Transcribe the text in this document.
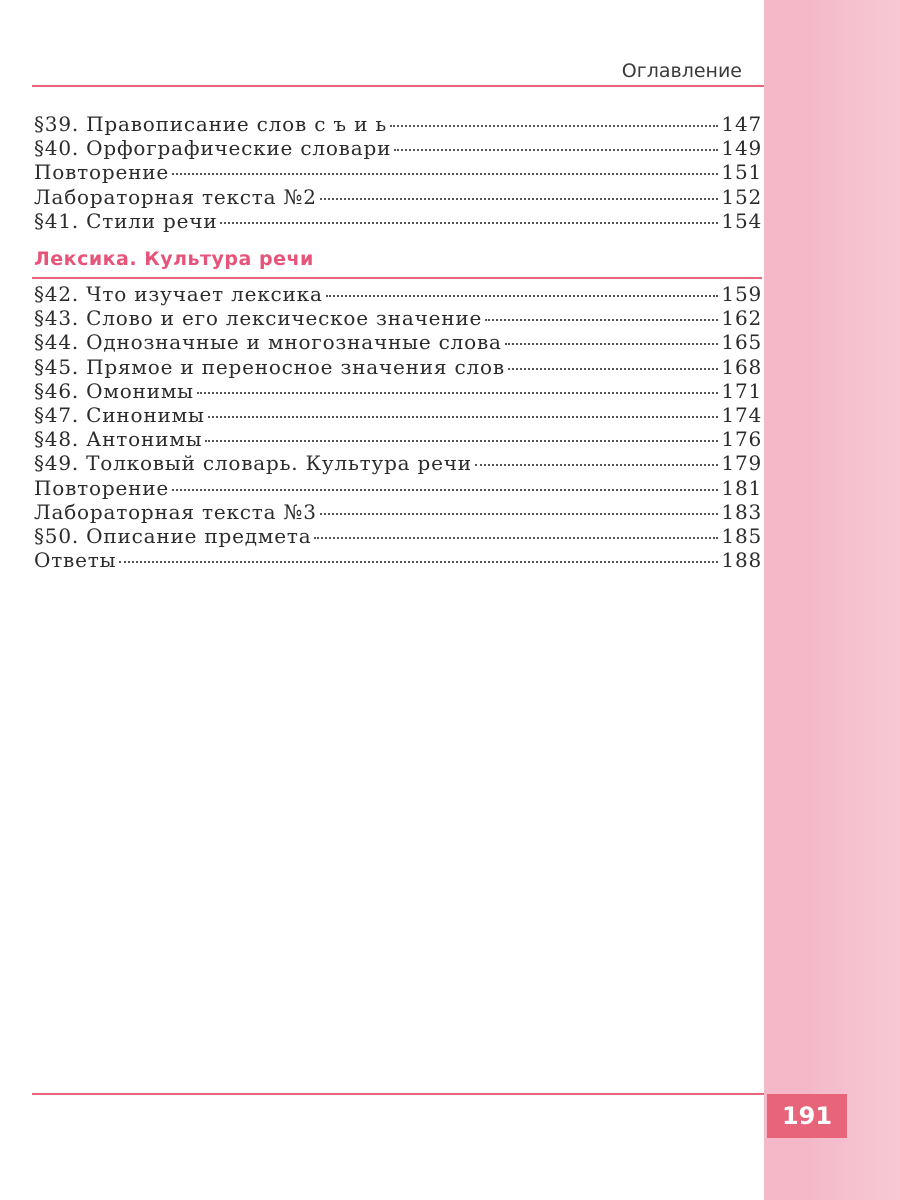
Оглавление
§39. Правописание слов с ъ и ь	147
§40. Орфографические словари	149
Повторение	151
Лабораторная текста №2	152
§41. Стили речи	154
Лексика. Культура речи
§42. Что изучает лексика	159
§43. Слово и его лексическое значение	162
§44. Однозначные и многозначные слова	165
§45. Прямое и переносное значения слов	168
§46. Омонимы	171
§47. Синонимы	174
§48. Антонимы	176
§49. Толковый словарь. Культура речи	179
Повторение	181
Лабораторная текста №3	183
§50. Описание предмета	185
Ответы	188
191
